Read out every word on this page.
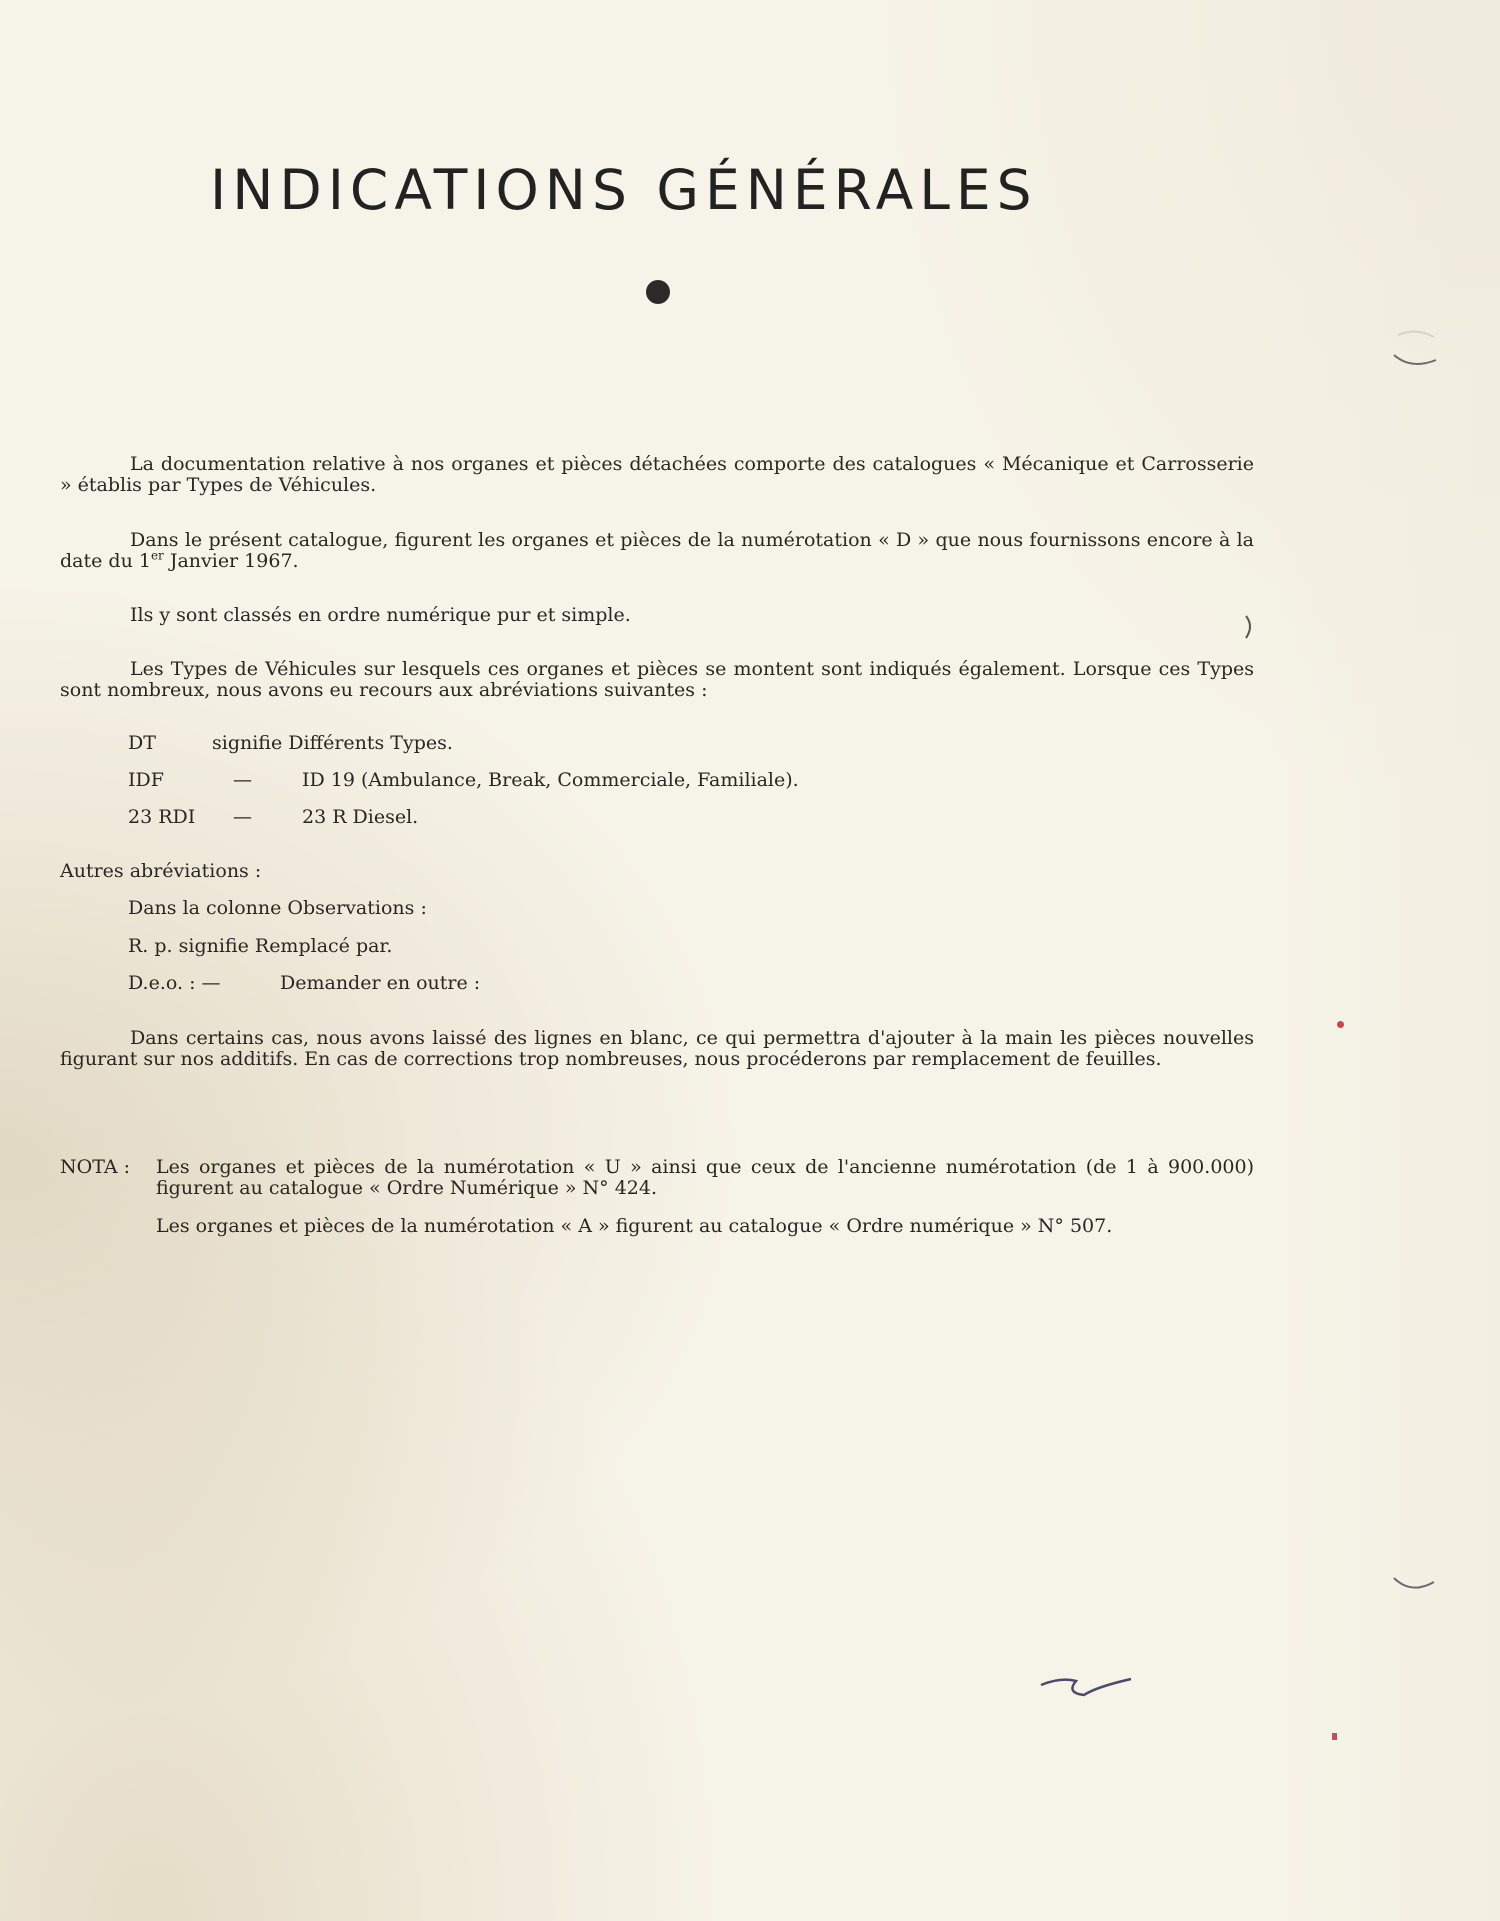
INDICATIONS GÉNÉRALES

La documentation relative à nos organes et pièces détachées comporte des catalogues « Mécanique et Carrosserie » établis par Types de Véhicules.

Dans le présent catalogue, figurent les organes et pièces de la numérotation « D » que nous fournissons encore à la date du 1er Janvier 1967.

Ils y sont classés en ordre numérique pur et simple.

Les Types de Véhicules sur lesquels ces organes et pièces se montent sont indiqués également. Lorsque ces Types sont nombreux, nous avons eu recours aux abréviations suivantes :

DT	signifie Différents Types.
IDF	—	ID 19 (Ambulance, Break, Commerciale, Familiale).
23 RDI —	23 R Diesel.
Autres abréviations :
Dans la colonne Observations :
R. p. signifie Remplacé par.
D.e.o. : —	Demander en outre :

Dans certains cas, nous avons laissé des lignes en blanc, ce qui permettra d'ajouter à la main les pièces nouvelles figurant sur nos additifs. En cas de corrections trop nombreuses, nous procéderons par remplacement de feuilles.

NOTA : Les organes et pièces de la numérotation « U » ainsi que ceux de l'ancienne numérotation (de 1 à 900.000) figurent au catalogue « Ordre Numérique » N° 424.
Les organes et pièces de la numérotation « A » figurent au catalogue « Ordre numérique » N° 507.
